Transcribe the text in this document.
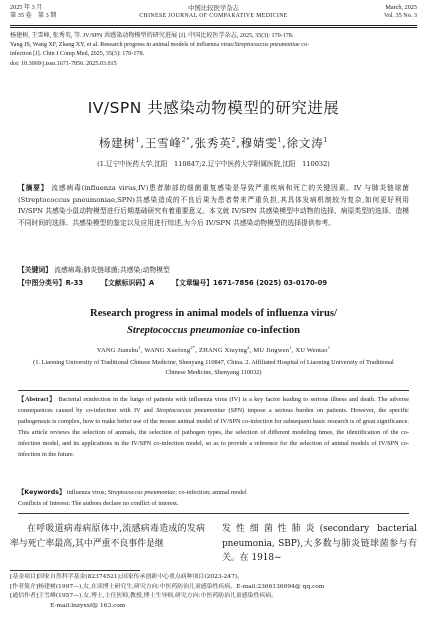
2025 年 3 月
第 35 卷　第 3 期
中国比较医学杂志
CHINESE JOURNAL OF COMPARATIVE MEDICINE
March, 2025
Vol. 35 No. 3
杨建树, 王雪峰, 张秀英, 等. IV/SPN 共感染动物模型的研究进展 [J]. 中国比较医学杂志, 2025, 35(3): 170-178.
Yang JS, Wang XF, Zhang XY, et al. Research progress in animal models of influenza virus/Streptococcus pneumoniae co-
infection [J]. Chin J Comp Med, 2025, 35(3): 170-178.
doi: 10.3969/j.issn.1671-7856. 2025.03.015
IV/SPN 共感染动物模型的研究进展
杨建树$^1$,王雪峰$^{2*}$,张秀英$^2$,穆婧雯$^1$,徐文涛$^1$
(1.辽宁中医药大学,沈阳　110847;2.辽宁中医药大学附属医院,沈阳　110032)
【摘要】 流感病毒(influenza virus,IV)患者肺部的细菌重复感染是导致严重疾病和死亡的关键因素。IV 与肺炎链球菌(Streptococcus pneumoniae,SPN)共感染造成的不良后果为患者带来严重负担,其具体发病机制较为复杂,如何更好利用 IV/SPN 共感染小鼠动物模型进行后期基础研究有着重要意义。本文就 IV/SPN 共感染模型中动物的选择、病原类型的选择、造模不同时间的选择、共感染模型的鉴定以及应用进行综述,为今后 IV/SPN 共感染动物模型的选择提供参考。
【关键词】 流感病毒;肺炎链球菌;共感染;动物模型
【中图分类号】R-33	【文献标识码】A	【文章编号】1671-7856 (2025) 03-0170-09
Research progress in animal models of influenza virus/
Streptococcus pneumoniae co-infection
YANG Jianshu$^1$, WANG Xuefeng$^{2*}$, ZHANG Xiuying$^2$, MU Jingwen$^1$, XU Wentao$^1$
(1. Liaoning University of Traditional Chinese Medicine, Shenyang 110847, China. 2. Affiliated Hospital of Liaoning University of Traditional Chinese Medicine, Shenyang 110032)
【Abstract】 Bacterial reinfection in the lungs of patients with influenza virus (IV) is a key factor leading to serious illness and death. The adverse consequences caused by co-infection with IV and Streptococcus pneumoniae (SPN) impose a serious burden on patients. However, the specific pathogenesis is complex, how to make better use of the mouse animal model of IV/SPN co-infection for subsequent basic research is of great significance. This article reviews the selection of animals, the selection of pathogen types, the selection of different modeling times, the identification of the co-infection model, and its applications in the IV/SPN co-infection model, so as to provide a reference for the selection of animal models of IV/SPN co-infection in the future.
【Keywords】 influenza virus; Streptococcus pneumoniae; co-infection; animal model
Conflicts of Interest: The authors declare no conflict of interest.
在呼吸道病毒病原体中,流感病毒造成的发病率与死亡率最高,其中严重不良事件是继
发性细菌性肺炎(secondary bacterial pneumonia, SBP),大多数与肺炎链球菌参与有关。在 1918~
[基金项目]国家自然科学基金(82374521);国家传承创新中心重点病种项目(2023-247)。
[作者简介]杨建树(1997—),女,在读博士研究生,研究方向:中医药防治儿童感染性疾病。E-mail:2366136094@ qq.com
[通信作者]王雪峰(1957—),女,博士,主任医师,教授,博士生导师,研究方向:中医药防治儿童感染性疾病。
E-mail:lnzyxxf@ 163.com
